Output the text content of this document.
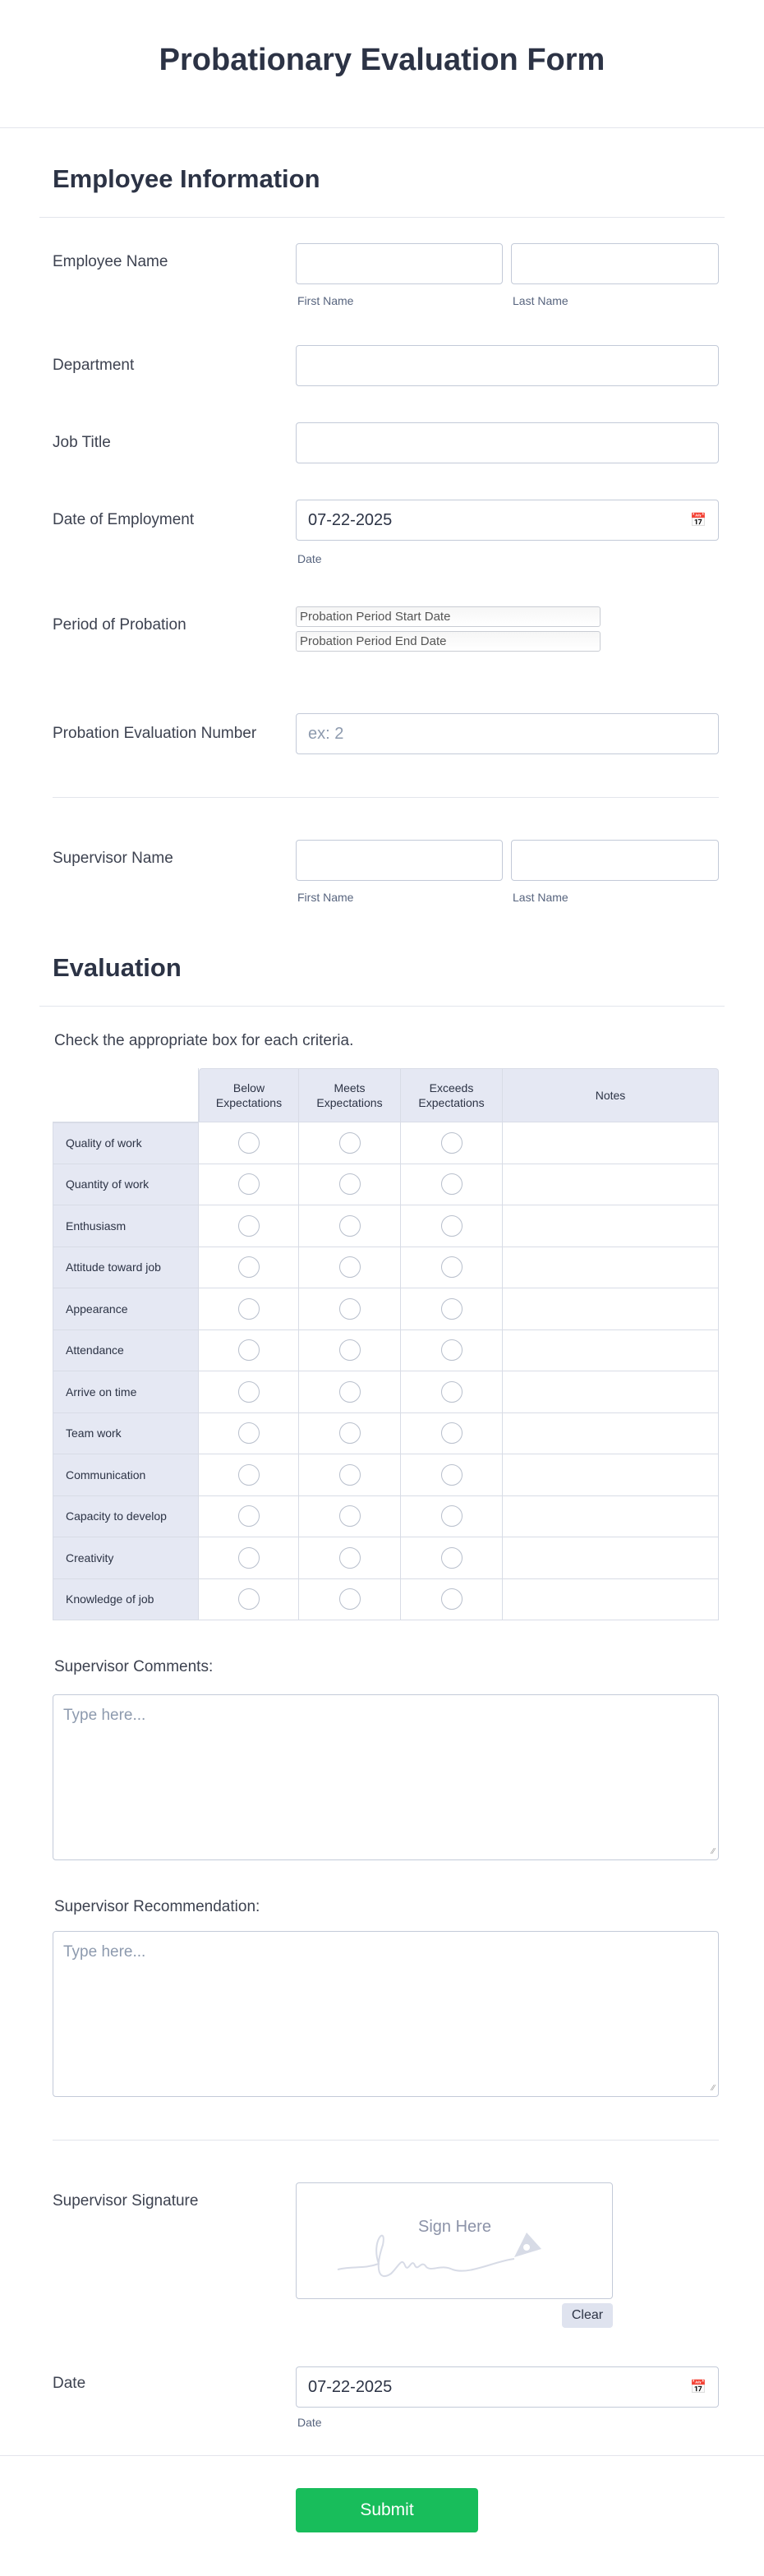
Probationary Evaluation Form
Employee Information
Employee Name
First Name	Last Name
Department
Job Title
Date of Employment	07-22-2025	📅
Date
Period of Probation	Probation Period Start Date
Probation Period End Date
Probation Evaluation Number	ex: 2
Supervisor Name
First Name	Last Name
Evaluation
Check the appropriate box for each criteria.
	Below Expectations	Meets Expectations	Exceeds Expectations	Notes
Quality of work				
Quantity of work				
Enthusiasm				
Attitude toward job				
Appearance				
Attendance				
Arrive on time				
Team work				
Communication				
Capacity to develop				
Creativity				
Knowledge of job				
Supervisor Comments:
Type here...
∕∕
Supervisor Recommendation:
Type here...
∕∕
Supervisor Signature
Sign Here
Clear
Date	07-22-2025	📅
Date
Submit
